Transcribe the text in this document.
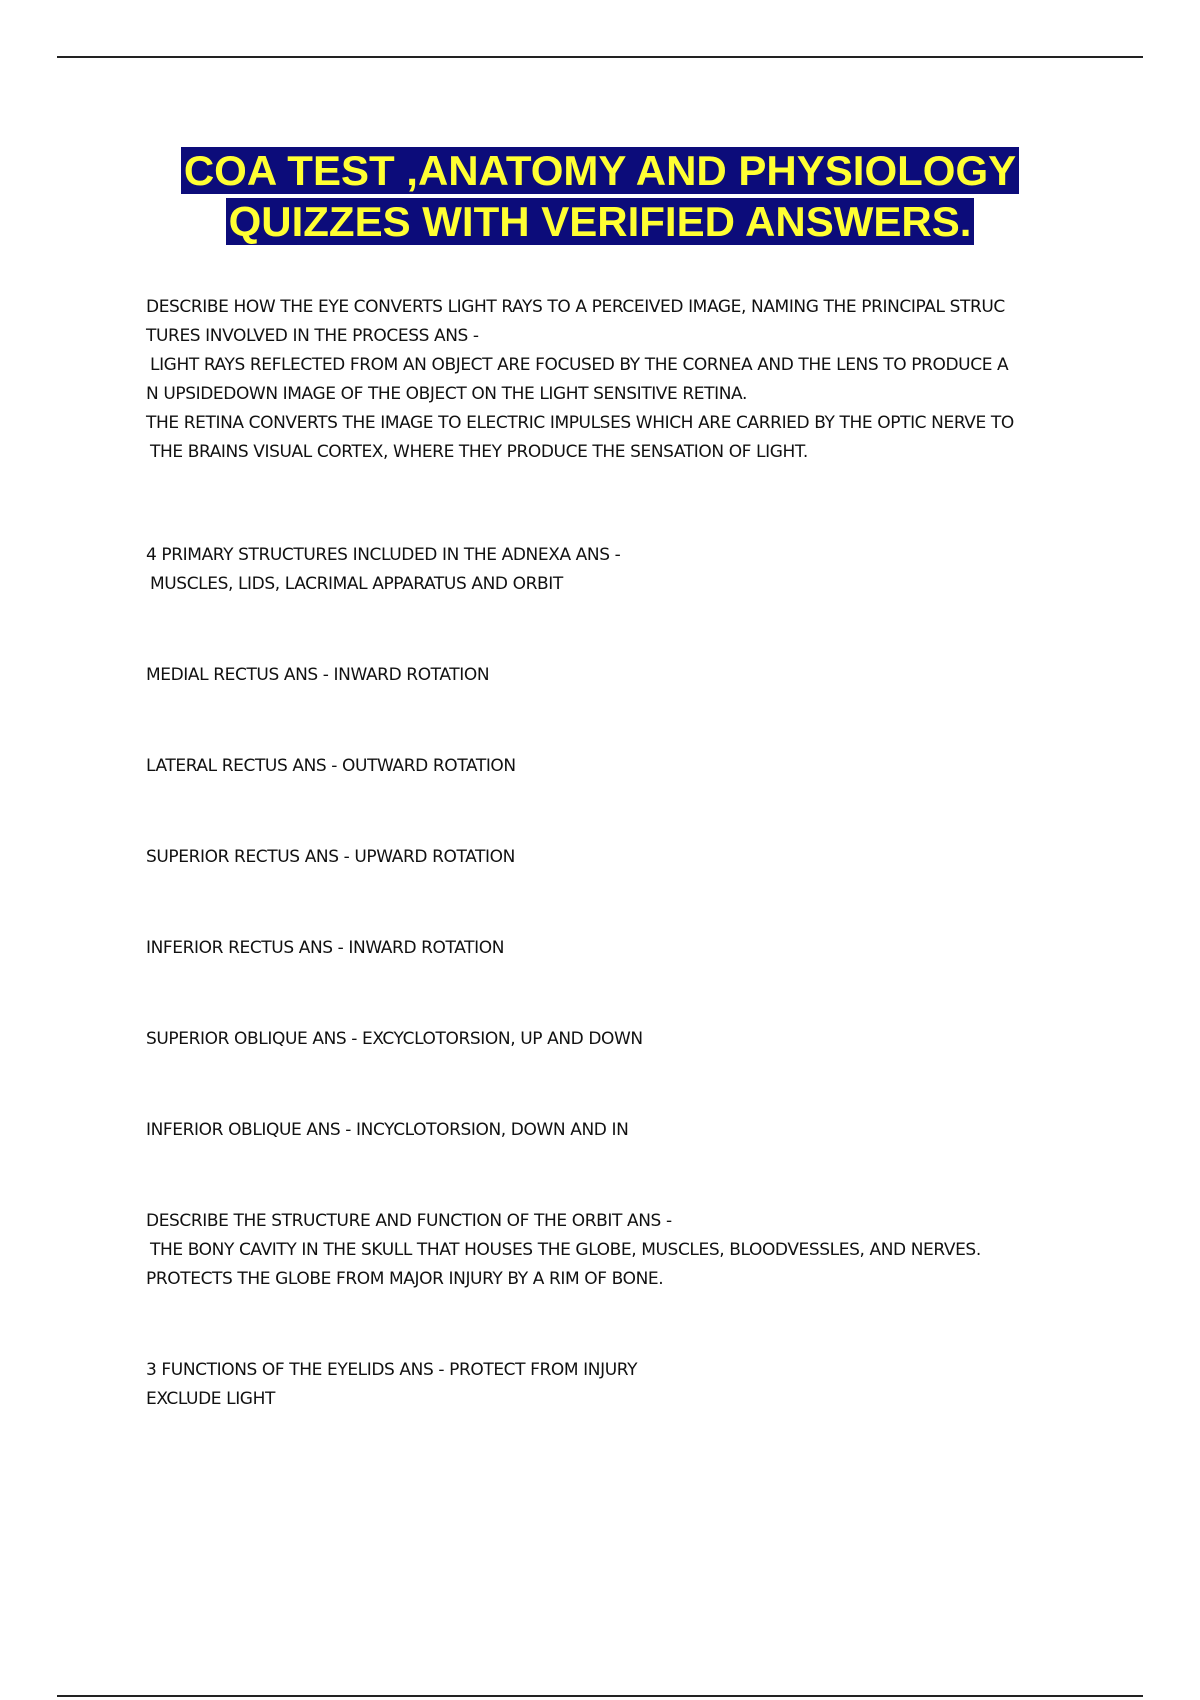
COA TEST ,ANATOMY AND PHYSIOLOGY
QUIZZES WITH VERIFIED ANSWERS.

DESCRIBE HOW THE EYE CONVERTS LIGHT RAYS TO A PERCEIVED IMAGE, NAMING THE PRINCIPAL STRUC

TURES INVOLVED IN THE PROCESS ANS -

LIGHT RAYS REFLECTED FROM AN OBJECT ARE FOCUSED BY THE CORNEA AND THE LENS TO PRODUCE A

N UPSIDEDOWN IMAGE OF THE OBJECT ON THE LIGHT SENSITIVE RETINA.

THE RETINA CONVERTS THE IMAGE TO ELECTRIC IMPULSES WHICH ARE CARRIED BY THE OPTIC NERVE TO

THE BRAINS VISUAL CORTEX, WHERE THEY PRODUCE THE SENSATION OF LIGHT.

4 PRIMARY STRUCTURES INCLUDED IN THE ADNEXA ANS -

MUSCLES, LIDS, LACRIMAL APPARATUS AND ORBIT

MEDIAL RECTUS ANS - INWARD ROTATION

LATERAL RECTUS ANS - OUTWARD ROTATION

SUPERIOR RECTUS ANS - UPWARD ROTATION

INFERIOR RECTUS ANS - INWARD ROTATION

SUPERIOR OBLIQUE ANS - EXCYCLOTORSION, UP AND DOWN

INFERIOR OBLIQUE ANS - INCYCLOTORSION, DOWN AND IN

DESCRIBE THE STRUCTURE AND FUNCTION OF THE ORBIT ANS -

THE BONY CAVITY IN THE SKULL THAT HOUSES THE GLOBE, MUSCLES, BLOODVESSLES, AND NERVES.

PROTECTS THE GLOBE FROM MAJOR INJURY BY A RIM OF BONE.

3 FUNCTIONS OF THE EYELIDS ANS - PROTECT FROM INJURY

EXCLUDE LIGHT
